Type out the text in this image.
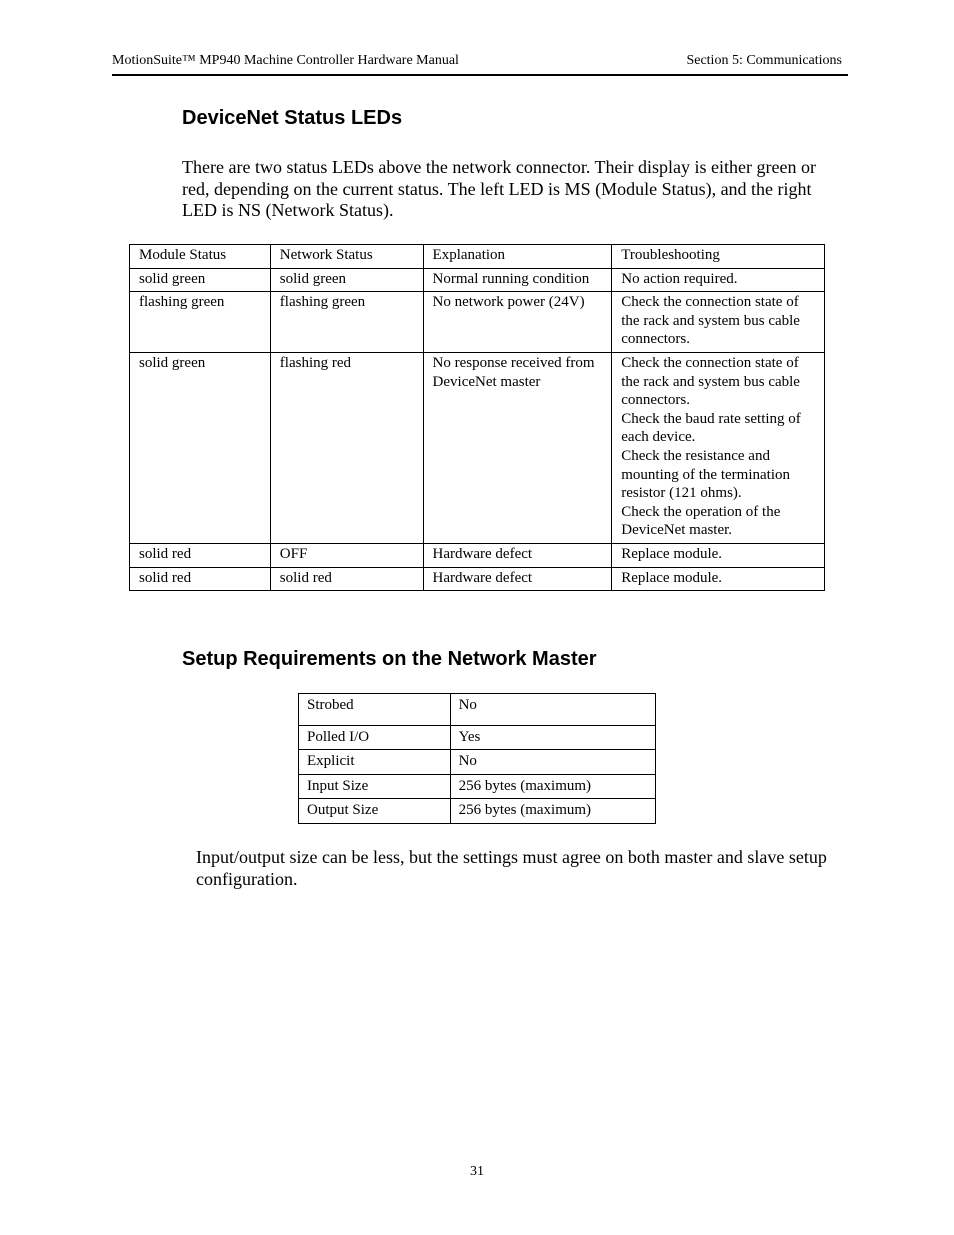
MotionSuite™ MP940 Machine Controller Hardware Manual	Section 5: Communications
DeviceNet Status LEDs

There are two status LEDs above the network connector. Their display is either green or red, depending on the current status. The left LED is MS (Module Status), and the right LED is NS (Network Status).

Module Status	Network Status	Explanation	Troubleshooting
solid green	solid green	Normal running condition	No action required.

flashing green	flashing green	No network power (24V)	Check the connection state of the rack and system bus cable connectors.

solid green	flashing red	No response received from DeviceNet master	Check the connection state of the rack and system bus cable connectors.
Check the baud rate setting of each device.
Check the resistance and mounting of the termination resistor (121 ohms).
Check the operation of the DeviceNet master.

solid red	OFF	Hardware defect	Replace module.

solid red	solid red	Hardware defect	Replace module.
Setup Requirements on the Network Master
Strobed	No
Polled I/O	Yes
Explicit	No
Input Size	256 bytes (maximum)
Output Size	256 bytes (maximum)

Input/output size can be less, but the settings must agree on both master and slave setup configuration.

31
